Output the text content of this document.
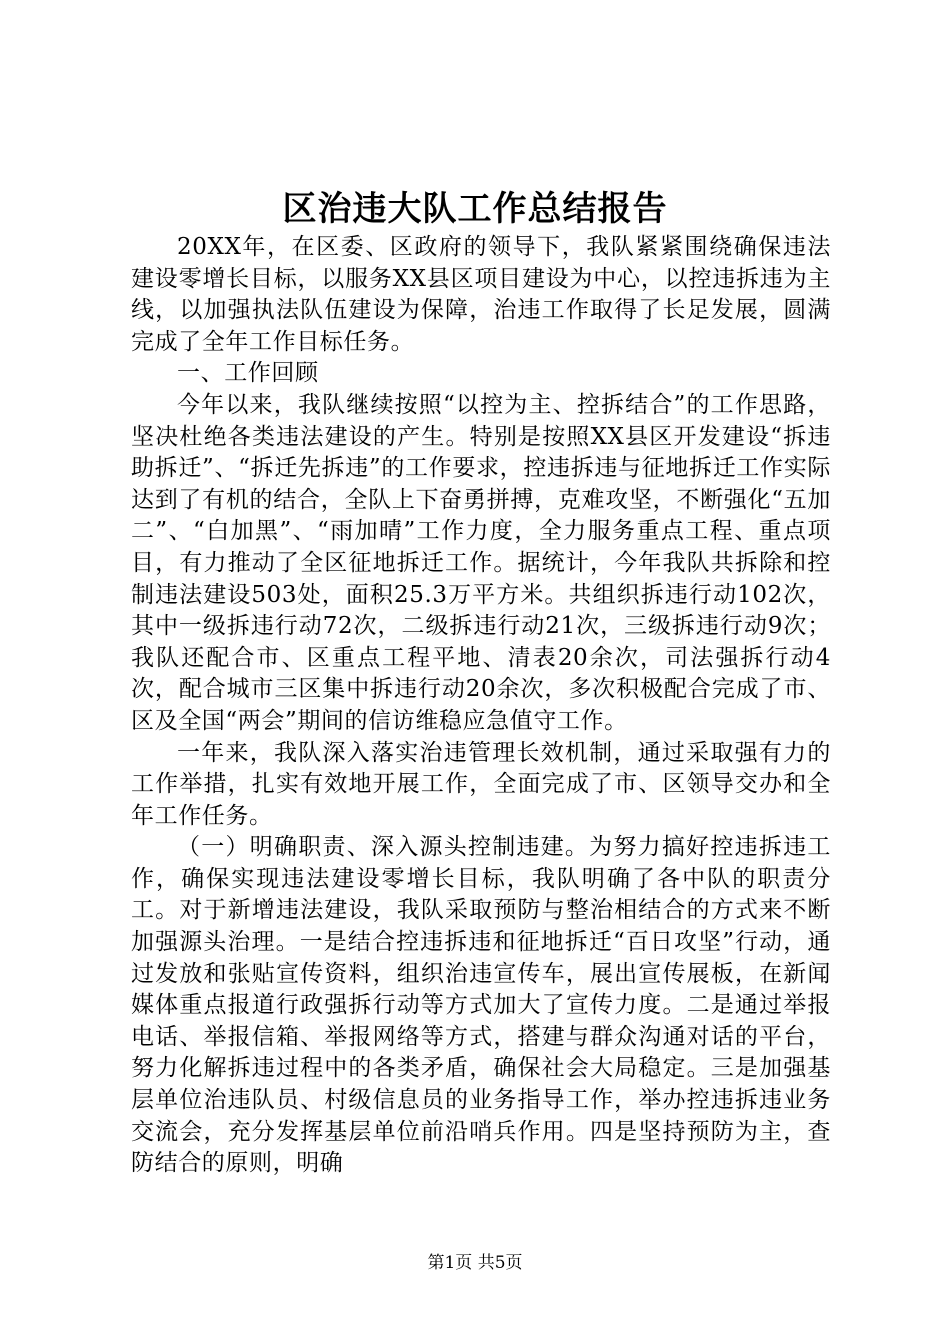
区治违大队工作总结报告

20XX年，在区委、区政府的领导下，我队紧紧围绕确保违法建设零增长目标，以服务XX县区项目建设为中心，以控违拆违为主线，以加强执法队伍建设为保障，治违工作取得了长足发展，圆满完成了全年工作目标任务。

一、工作回顾

今年以来，我队继续按照“以控为主、控拆结合”的工作思路，坚决杜绝各类违法建设的产生。特别是按照XX县区开发建设“拆违助拆迁”、“拆迁先拆违”的工作要求，控违拆违与征地拆迁工作实际达到了有机的结合，全队上下奋勇拼搏，克难攻坚，不断强化“五加二”、“白加黑”、“雨加晴”工作力度，全力服务重点工程、重点项目，有力推动了全区征地拆迁工作。据统计，今年我队共拆除和控制违法建设503处，面积25.3万平方米。共组织拆违行动102次，其中一级拆违行动72次，二级拆违行动21次，三级拆违行动9次；我队还配合市、区重点工程平地、清表20余次，司法强拆行动4次，配合城市三区集中拆违行动20余次，多次积极配合完成了市、区及全国“两会”期间的信访维稳应急值守工作。

一年来，我队深入落实治违管理长效机制，通过采取强有力的工作举措，扎实有效地开展工作，全面完成了市、区领导交办和全年工作任务。

（一）明确职责、深入源头控制违建。为努力搞好控违拆违工作，确保实现违法建设零增长目标，我队明确了各中队的职责分工。对于新增违法建设，我队采取预防与整治相结合的方式来不断加强源头治理。一是结合控违拆违和征地拆迁“百日攻坚”行动，通过发放和张贴宣传资料，组织治违宣传车，展出宣传展板，在新闻媒体重点报道行政强拆行动等方式加大了宣传力度。二是通过举报电话、举报信箱、举报网络等方式，搭建与群众沟通对话的平台，努力化解拆违过程中的各类矛盾，确保社会大局稳定。三是加强基层单位治违队员、村级信息员的业务指导工作，举办控违拆违业务交流会，充分发挥基层单位前沿哨兵作用。四是坚持预防为主，查防结合的原则，明确

第1页 共5页
